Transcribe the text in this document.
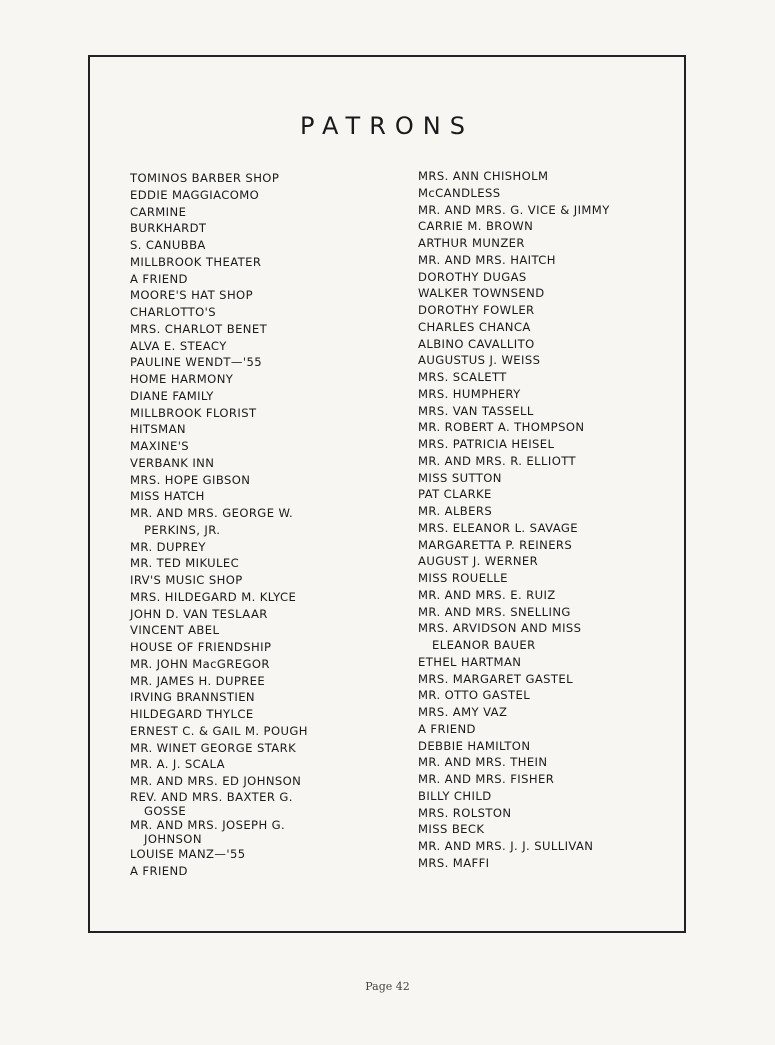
PATRONS
TOMINOS BARBER SHOP
EDDIE MAGGIACOMO
CARMINE
BURKHARDT
S. CANUBBA
MILLBROOK THEATER
A FRIEND
MOORE'S HAT SHOP
CHARLOTTO'S
MRS. CHARLOT BENET
ALVA E. STEACY
PAULINE WENDT—'55
HOME HARMONY
DIANE FAMILY
MILLBROOK FLORIST
HITSMAN
MAXINE'S
VERBANK INN
MRS. HOPE GIBSON
MISS HATCH
MR. AND MRS. GEORGE W.
PERKINS, JR.
MR. DUPREY
MR. TED MIKULEC
IRV'S MUSIC SHOP
MRS. HILDEGARD M. KLYCE
JOHN D. VAN TESLAAR
VINCENT ABEL
HOUSE OF FRIENDSHIP
MR. JOHN MacGREGOR
MR. JAMES H. DUPREE
IRVING BRANNSTIEN
HILDEGARD THYLCE
ERNEST C. & GAIL M. POUGH
MR. WINET GEORGE STARK
MR. A. J. SCALA
MR. AND MRS. ED JOHNSON
REV. AND MRS. BAXTER G.
GOSSE
MR. AND MRS. JOSEPH G.
JOHNSON
LOUISE MANZ—'55
A FRIEND
MRS. ANN CHISHOLM
McCANDLESS
MR. AND MRS. G. VICE & JIMMY
CARRIE M. BROWN
ARTHUR MUNZER
MR. AND MRS. HAITCH
DOROTHY DUGAS
WALKER TOWNSEND
DOROTHY FOWLER
CHARLES CHANCA
ALBINO CAVALLITO
AUGUSTUS J. WEISS
MRS. SCALETT
MRS. HUMPHERY
MRS. VAN TASSELL
MR. ROBERT A. THOMPSON
MRS. PATRICIA HEISEL
MR. AND MRS. R. ELLIOTT
MISS SUTTON
PAT CLARKE
MR. ALBERS
MRS. ELEANOR L. SAVAGE
MARGARETTA P. REINERS
AUGUST J. WERNER
MISS ROUELLE
MR. AND MRS. E. RUIZ
MR. AND MRS. SNELLING
MRS. ARVIDSON AND MISS
ELEANOR BAUER
ETHEL HARTMAN
MRS. MARGARET GASTEL
MR. OTTO GASTEL
MRS. AMY VAZ
A FRIEND
DEBBIE HAMILTON
MR. AND MRS. THEIN
MR. AND MRS. FISHER
BILLY CHILD
MRS. ROLSTON
MISS BECK
MR. AND MRS. J. J. SULLIVAN
MRS. MAFFI
Page 42
